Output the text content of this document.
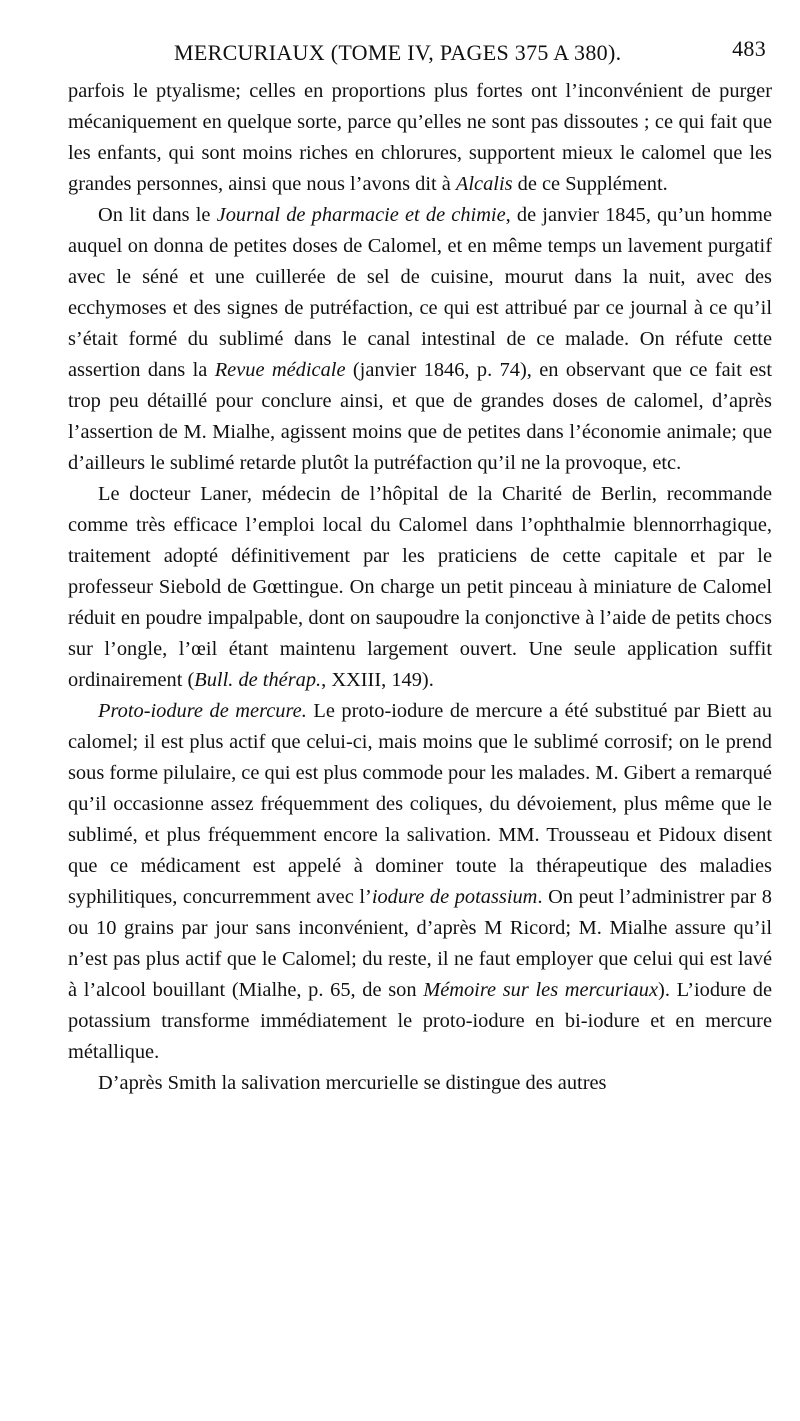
MERCURIAUX (TOME IV, PAGES 375 A 380).	483

parfois le ptyalisme; celles en proportions plus fortes ont l’inconvénient de purger mécaniquement en quelque sorte, parce qu’elles ne sont pas dissoutes ; ce qui fait que les enfants, qui sont moins riches en chlorures, supportent mieux le calomel que les grandes personnes, ainsi que nous l’avons dit à Alcalis de ce Supplément.

On lit dans le Journal de pharmacie et de chimie, de janvier 1845, qu’un homme auquel on donna de petites doses de Calomel, et en même temps un lavement purgatif avec le séné et une cuillerée de sel de cuisine, mourut dans la nuit, avec des ecchymoses et des signes de putréfaction, ce qui est attribué par ce journal à ce qu’il s’était formé du sublimé dans le canal intestinal de ce malade. On réfute cette assertion dans la Revue médicale (janvier 1846, p. 74), en observant que ce fait est trop peu détaillé pour conclure ainsi, et que de grandes doses de calomel, d’après l’assertion de M. Mialhe, agissent moins que de petites dans l’économie animale; que d’ailleurs le sublimé retarde plutôt la putréfaction qu’il ne la provoque, etc.

Le docteur Laner, médecin de l’hôpital de la Charité de Berlin, recommande comme très efficace l’emploi local du Calomel dans l’ophthalmie blennorrhagique, traitement adopté définitivement par les praticiens de cette capitale et par le professeur Siebold de Gœttingue. On charge un petit pinceau à miniature de Calomel réduit en poudre impalpable, dont on saupoudre la conjonctive à l’aide de petits chocs sur l’ongle, l’œil étant maintenu largement ouvert. Une seule application suffit ordinairement (Bull. de thérap., XXIII, 149).

Proto-iodure de mercure. Le proto-iodure de mercure a été substitué par Biett au calomel; il est plus actif que celui-ci, mais moins que le sublimé corrosif; on le prend sous forme pilulaire, ce qui est plus commode pour les malades. M. Gibert a remarqué qu’il occasionne assez fréquemment des coliques, du dévoiement, plus même que le sublimé, et plus fréquemment encore la salivation. MM. Trousseau et Pidoux disent que ce médicament est appelé à dominer toute la thérapeutique des maladies syphilitiques, concurremment avec l’iodure de potassium. On peut l’administrer par 8 ou 10 grains par jour sans inconvénient, d’après M Ricord; M. Mialhe assure qu’il n’est pas plus actif que le Calomel; du reste, il ne faut employer que celui qui est lavé à l’alcool bouillant (Mialhe, p. 65, de son Mémoire sur les mercuriaux). L’iodure de potassium transforme immédiatement le proto-iodure en bi-iodure et en mercure métallique.

D’après Smith la salivation mercurielle se distingue des autres
